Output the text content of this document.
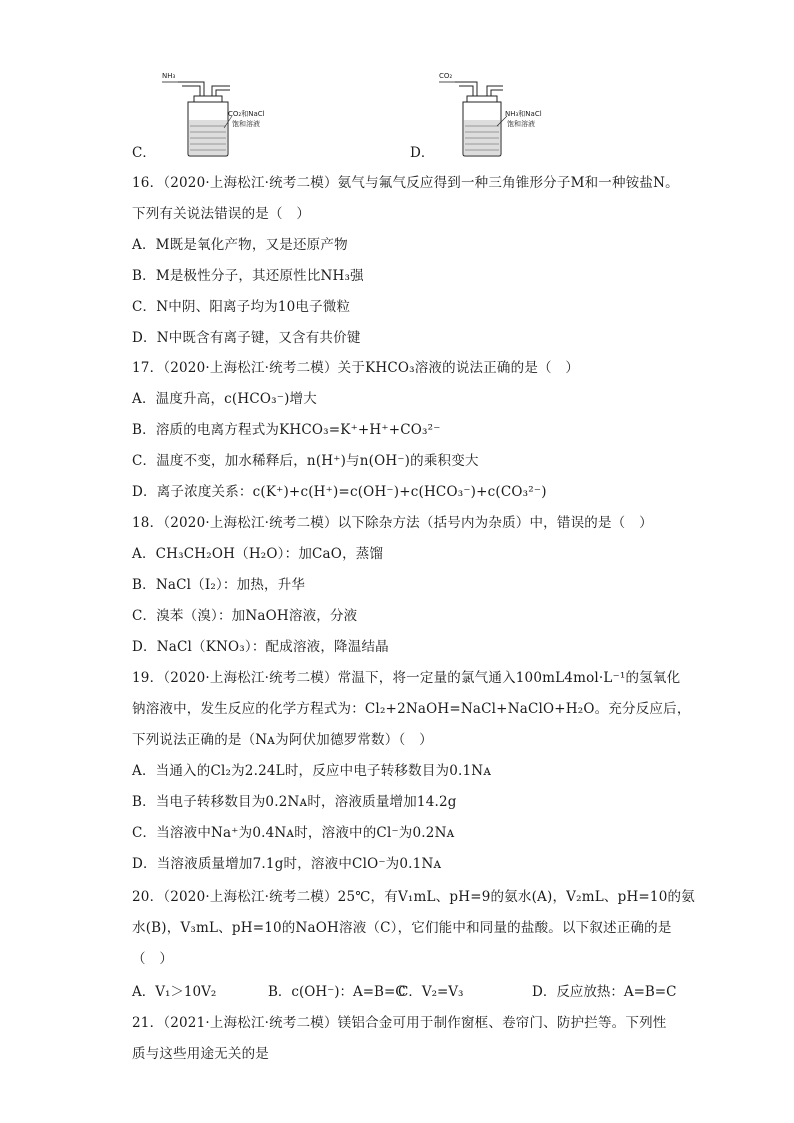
NH₃
CO₂和NaCl
饱和溶液
C．
CO₂
NH₃和NaCl
饱和溶液
D．
16．（2020·上海松江·统考二模）氨气与氟气反应得到一种三角锥形分子M和一种铵盐N。
下列有关说法错误的是（　）
A．M既是氧化产物，又是还原产物
B．M是极性分子，其还原性比NH₃强
C．N中阴、阳离子均为10电子微粒
D．N中既含有离子键，又含有共价键
17．（2020·上海松江·统考二模）关于KHCO₃溶液的说法正确的是（　）
A．温度升高，c(HCO₃⁻)增大
B．溶质的电离方程式为KHCO₃=K⁺+H⁺+CO₃²⁻
C．温度不变，加水稀释后，n(H⁺)与n(OH⁻)的乘积变大
D．离子浓度关系：c(K⁺)+c(H⁺)=c(OH⁻)+c(HCO₃⁻)+c(CO₃²⁻)
18．（2020·上海松江·统考二模）以下除杂方法（括号内为杂质）中，错误的是（　）
A．CH₃CH₂OH（H₂O）：加CaO，蒸馏
B．NaCl（I₂）：加热，升华
C．溴苯（溴）：加NaOH溶液，分液
D．NaCl（KNO₃）：配成溶液，降温结晶
19．（2020·上海松江·统考二模）常温下，将一定量的氯气通入100mL4mol·L⁻¹的氢氧化
钠溶液中，发生反应的化学方程式为：Cl₂+2NaOH=NaCl+NaClO+H₂O。充分反应后，
下列说法正确的是（Nᴀ为阿伏加德罗常数）（　）
A．当通入的Cl₂为2.24L时，反应中电子转移数目为0.1Nᴀ
B．当电子转移数目为0.2Nᴀ时，溶液质量增加14.2g
C．当溶液中Na⁺为0.4Nᴀ时，溶液中的Cl⁻为0.2Nᴀ
D．当溶液质量增加7.1g时，溶液中ClO⁻为0.1Nᴀ
20．（2020·上海松江·统考二模）25℃，有V₁mL、pH=9的氨水(A)，V₂mL、pH=10的氨
水(B)，V₃mL、pH=10的NaOH溶液（C），它们能中和同量的盐酸。以下叙述正确的是
（　）
A．V₁＞10V₂	B．c(OH⁻)：A=B=C
C．V₂=V₃	D．反应放热：A=B=C
21．（2021·上海松江·统考二模）镁铝合金可用于制作窗框、卷帘门、防护拦等。下列性
质与这些用途无关的是
